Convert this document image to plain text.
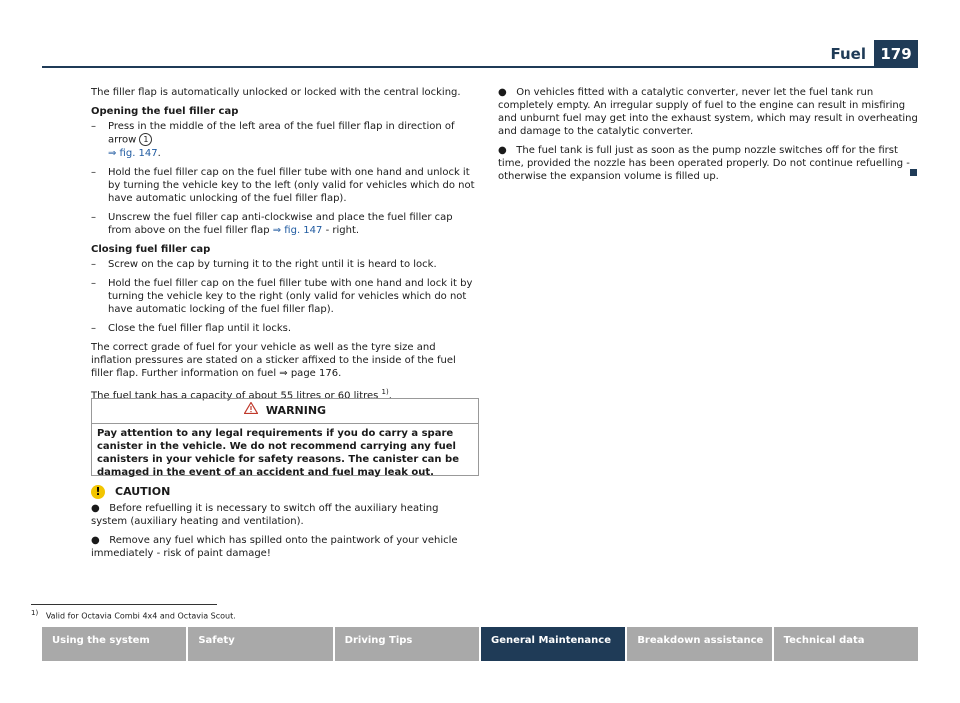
Fuel 179

The filler flap is automatically unlocked or locked with the central locking.

Opening the fuel filler cap
– Press in the middle of the left area of the fuel filler flap in direction of arrow 1
⇒ fig. 147.
– Hold the fuel filler cap on the fuel filler tube with one hand and unlock it by turning the vehicle key to the left (only valid for vehicles which do not have automatic unlocking of the fuel filler flap).
– Unscrew the fuel filler cap anti-clockwise and place the fuel filler cap from above on the fuel filler flap ⇒ fig. 147 - right.
Closing fuel filler cap
– Screw on the cap by turning it to the right until it is heard to lock.
– Hold the fuel filler cap on the fuel filler tube with one hand and lock it by turning the vehicle key to the right (only valid for vehicles which do not have automatic locking of the fuel filler flap).
– Close the fuel filler flap until it locks.

The correct grade of fuel for your vehicle as well as the tyre size and inflation pressures are stated on a sticker affixed to the inside of the fuel filler flap. Further information on fuel ⇒ page 176.

The fuel tank has a capacity of about 55 litres or 60 litres $^{1)}$.

WARNING
Pay attention to any legal requirements if you do carry a spare canister in the vehicle. We do not recommend carrying any fuel canisters in your vehicle for safety reasons. The canister can be damaged in the event of an accident and fuel may leak out.
! CAUTION
●   Before refuelling it is necessary to switch off the auxiliary heating system (auxiliary heating and ventilation).
●   Remove any fuel which has spilled onto the paintwork of your vehicle immediately - risk of paint damage!
●   On vehicles fitted with a catalytic converter, never let the fuel tank run completely empty. An irregular supply of fuel to the engine can result in misfiring and unburnt fuel may get into the exhaust system, which may result in overheating and damage to the catalytic converter.
●   The fuel tank is full just as soon as the pump nozzle switches off for the first time, provided the nozzle has been operated properly. Do not continue refuelling - otherwise the expansion volume is filled up.
$^{1)}$ Valid for Octavia Combi 4x4 and Octavia Scout.
Using the system	Safety	Driving Tips	General Maintenance	Breakdown assistance	Technical data
